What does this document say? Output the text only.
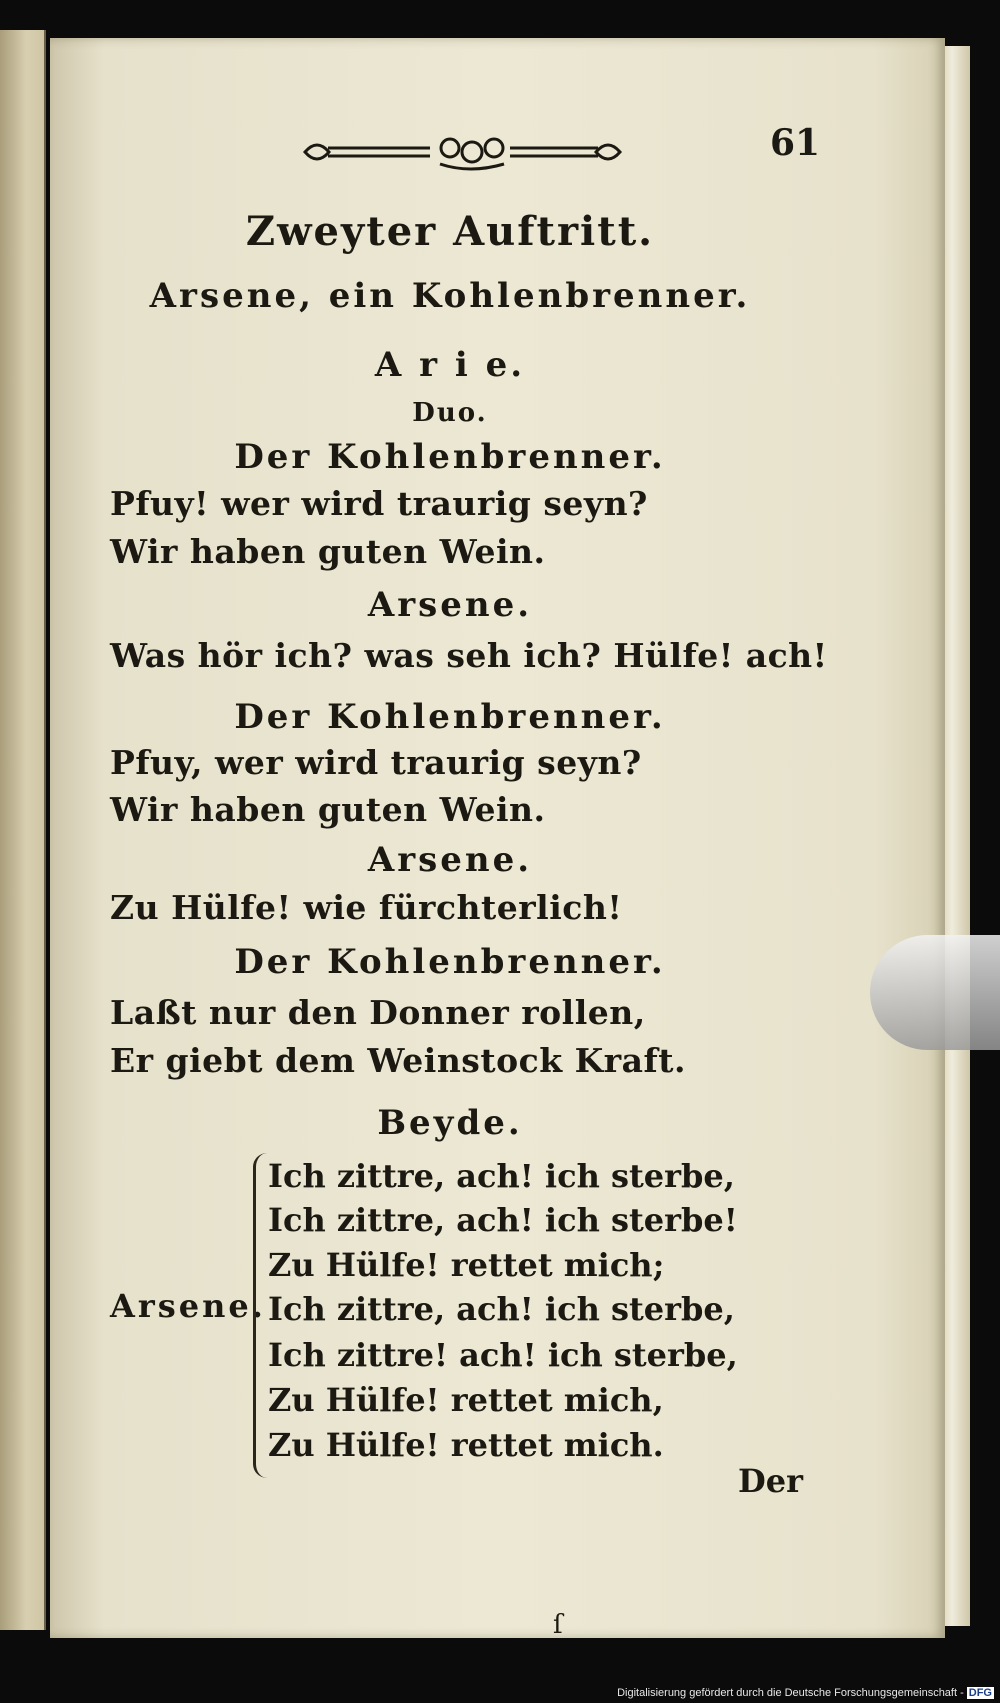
61
Zweyter Auftritt.
Arsene, ein Kohlenbrenner.
A r i e.
Duo.
Der Kohlenbrenner.
Pfuy! wer wird traurig seyn?
Wir haben guten Wein.
Arsene.
Was hör ich? was seh ich? Hülfe! ach!
Der Kohlenbrenner.
Pfuy, wer wird traurig seyn?
Wir haben guten Wein.
Arsene.
Zu Hülfe! wie fürchterlich!
Der Kohlenbrenner.
Laßt nur den Donner rollen,
Er giebt dem Weinstock Kraft.
Beyde.
Arsene.
Ich zittre, ach! ich sterbe,
Ich zittre, ach! ich sterbe!
Zu Hülfe! rettet mich;
Ich zittre, ach! ich sterbe,
Ich zittre! ach! ich sterbe,
Zu Hülfe! rettet mich,
Zu Hülfe! rettet mich.
Der
ſ
Digitalisierung gefördert durch die Deutsche Forschungsgemeinschaft - DFG
